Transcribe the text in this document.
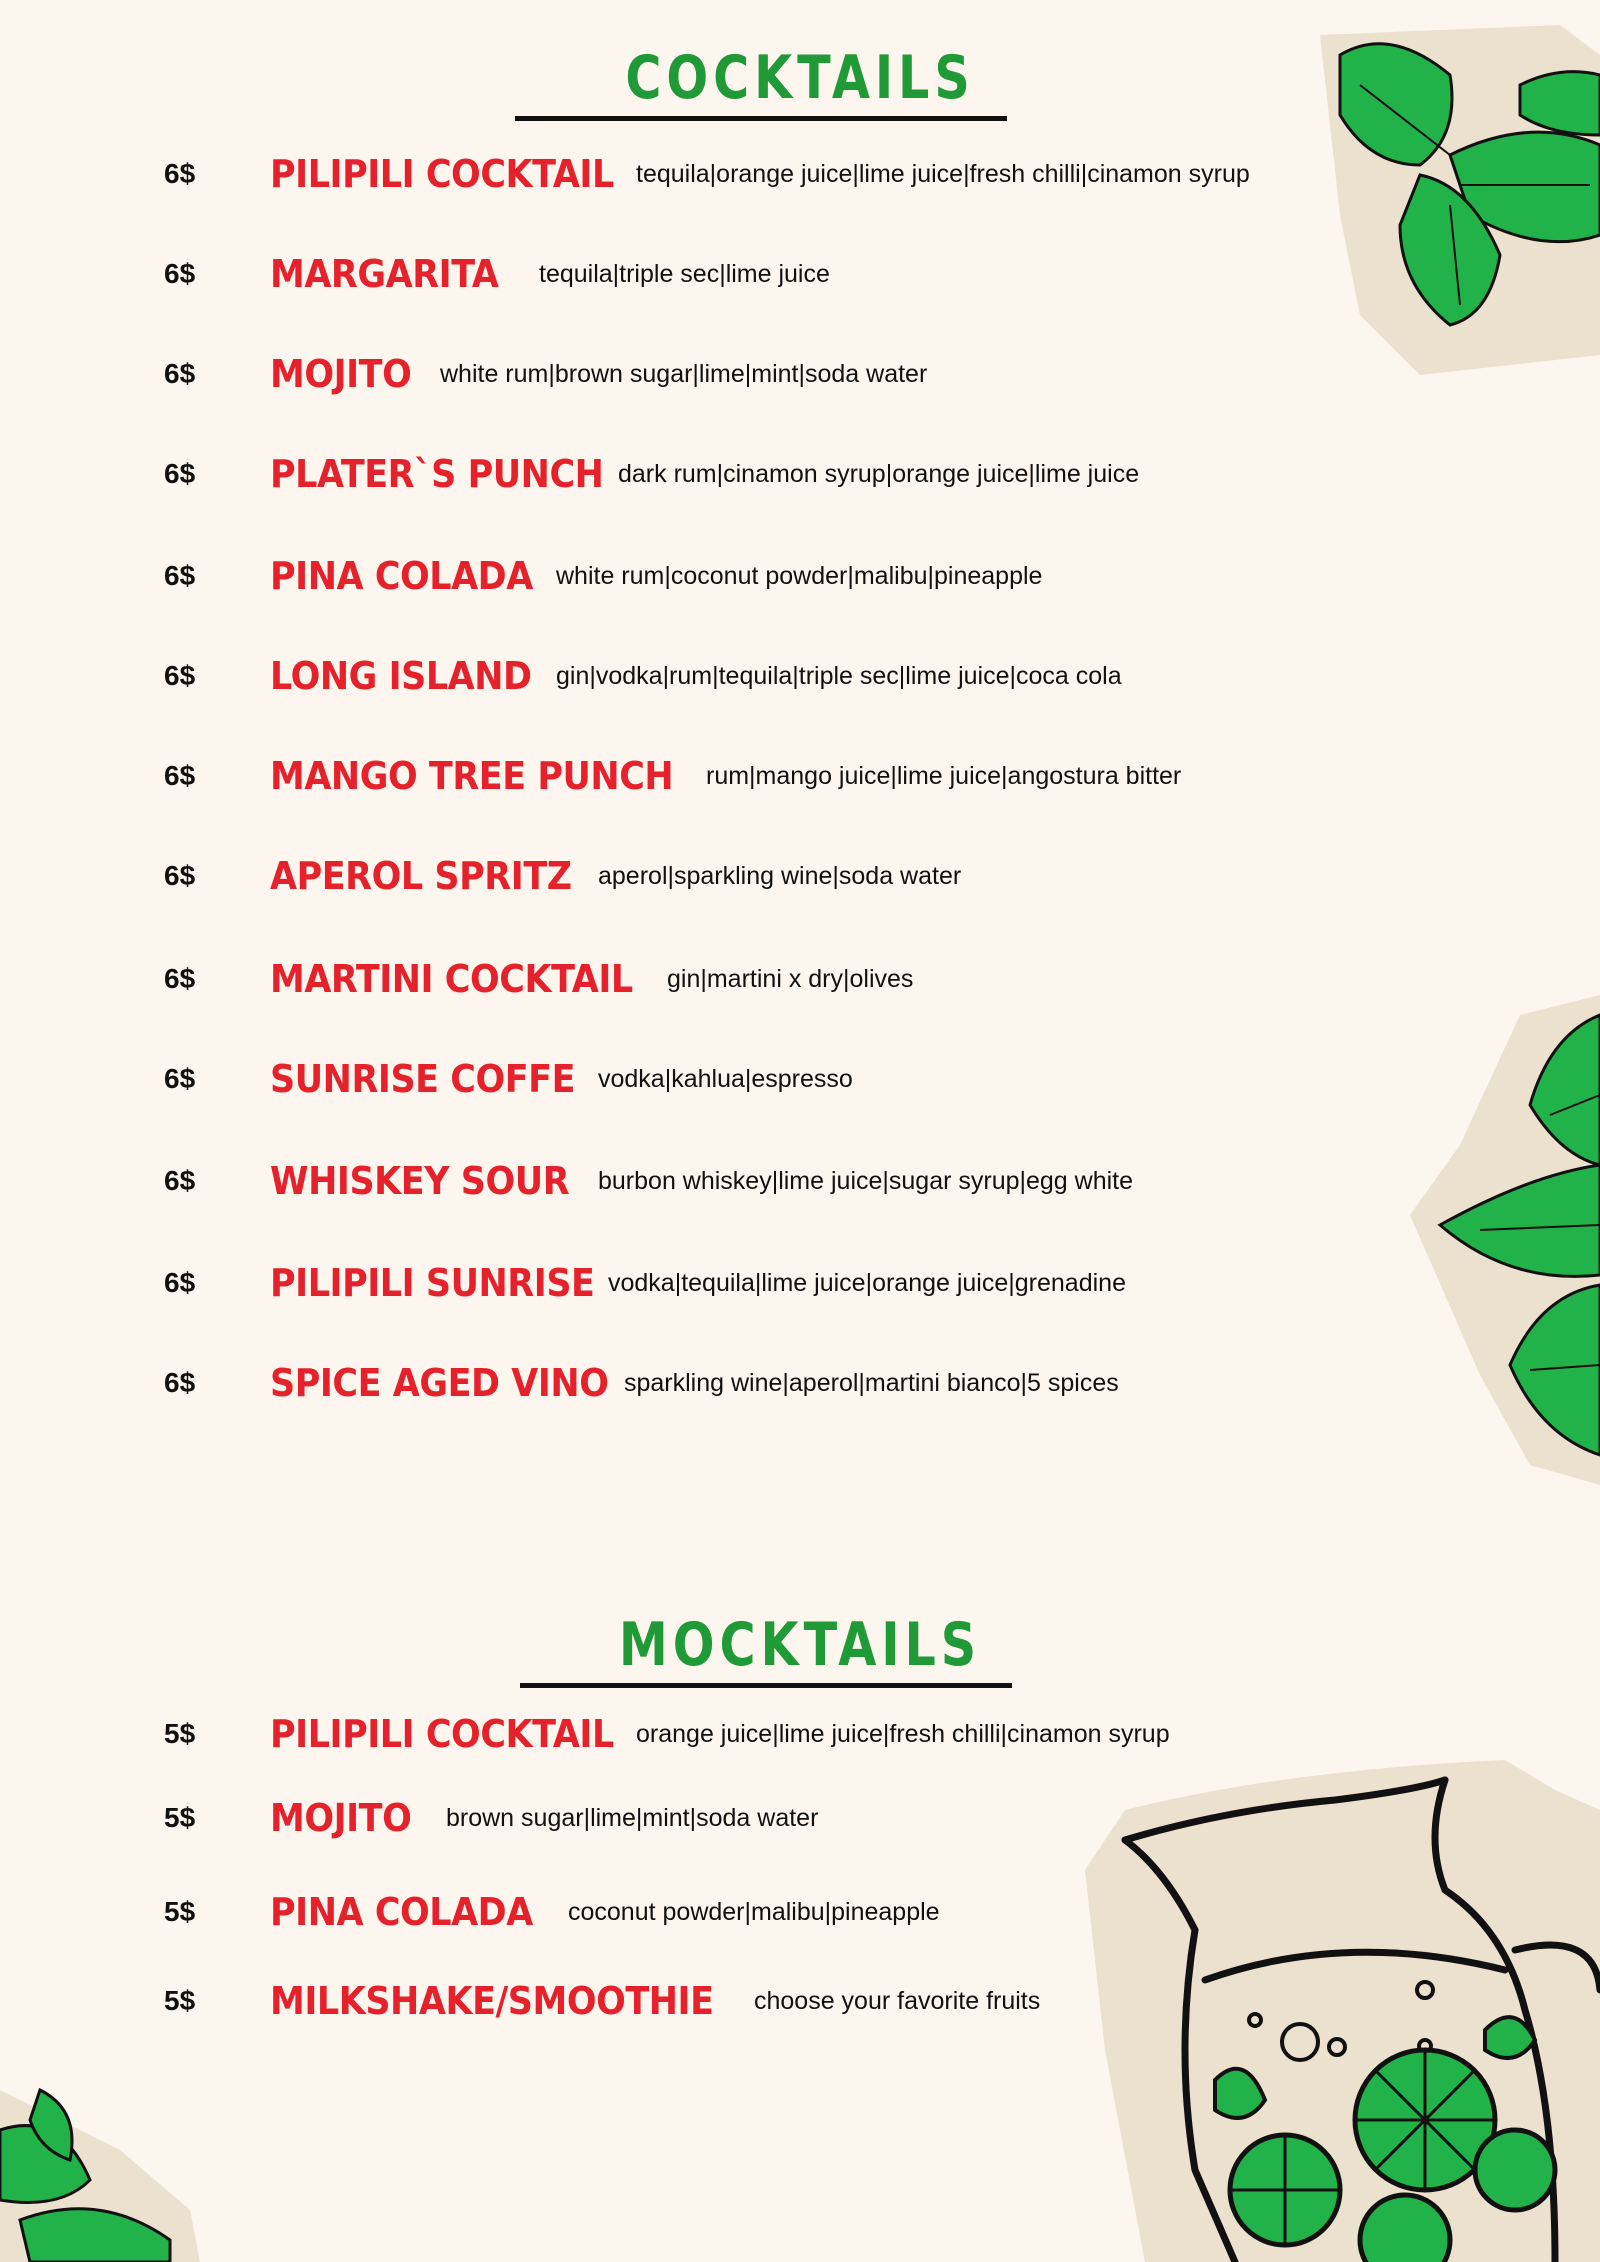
COCKTAILS
6$ PILIPILI COCKTAIL tequila|orange juice|lime juice|fresh chilli|cinamon syrup
6$ MARGARITA tequila|triple sec|lime juice
6$ MOJITO white rum|brown sugar|lime|mint|soda water
6$ PLATER`S PUNCH dark rum|cinamon syrup|orange juice|lime juice
6$ PINA COLADA white rum|coconut powder|malibu|pineapple
6$ LONG ISLAND gin|vodka|rum|tequila|triple sec|lime juice|coca cola
6$ MANGO TREE PUNCH rum|mango juice|lime juice|angostura bitter
6$ APEROL SPRITZ aperol|sparkling wine|soda water
6$ MARTINI COCKTAIL gin|martini x dry|olives
6$ SUNRISE COFFE vodka|kahlua|espresso
6$ WHISKEY SOUR burbon whiskey|lime juice|sugar syrup|egg white
6$ PILIPILI SUNRISE vodka|tequila|lime juice|orange juice|grenadine
6$ SPICE AGED VINO sparkling wine|aperol|martini bianco|5 spices
MOCKTAILS
5$ PILIPILI COCKTAIL orange juice|lime juice|fresh chilli|cinamon syrup
5$ MOJITO brown sugar|lime|mint|soda water
5$ PINA COLADA coconut powder|malibu|pineapple
5$ MILKSHAKE/SMOOTHIE choose your favorite fruits
